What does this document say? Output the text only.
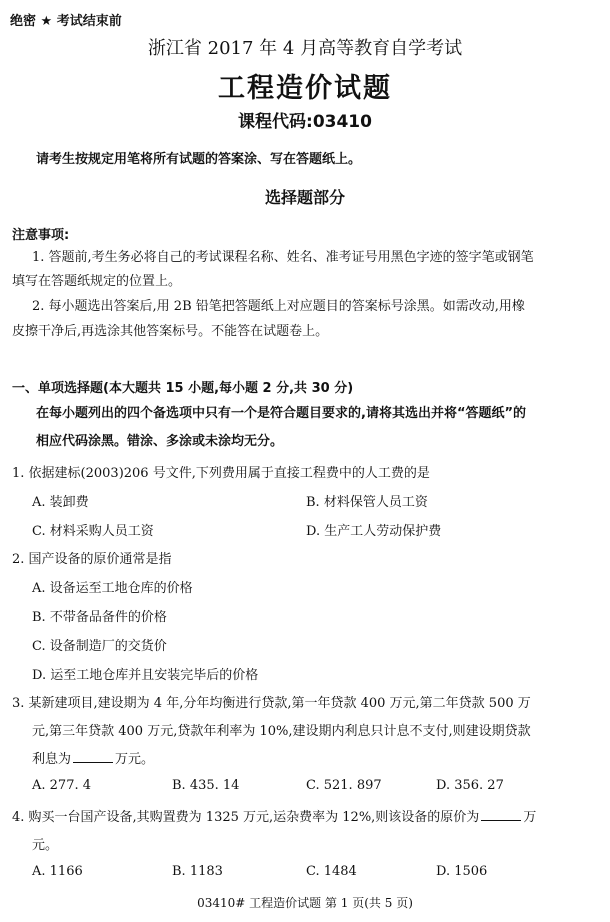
绝密 ★ 考试结束前
浙江省 2017 年 4 月高等教育自学考试
工程造价试题
课程代码:03410
请考生按规定用笔将所有试题的答案涂、写在答题纸上。
选择题部分
注意事项:
1. 答题前,考生务必将自己的考试课程名称、姓名、准考证号用黑色字迹的签字笔或钢笔
填写在答题纸规定的位置上。
2. 每小题选出答案后,用 2B 铅笔把答题纸上对应题目的答案标号涂黑。如需改动,用橡
皮擦干净后,再选涂其他答案标号。不能答在试题卷上。
一、单项选择题(本大题共 15 小题,每小题 2 分,共 30 分)
在每小题列出的四个备选项中只有一个是符合题目要求的,请将其选出并将“答题纸”的
相应代码涂黑。错涂、多涂或未涂均无分。
1. 依据建标(2003)206 号文件,下列费用属于直接工程费中的人工费的是
A. 装卸费	B. 材料保管人员工资
C. 材料采购人员工资	D. 生产工人劳动保护费
2. 国产设备的原价通常是指
A. 设备运至工地仓库的价格
B. 不带备品备件的价格
C. 设备制造厂的交货价
D. 运至工地仓库并且安装完毕后的价格
3. 某新建项目,建设期为 4 年,分年均衡进行贷款,第一年贷款 400 万元,第二年贷款 500 万
元,第三年贷款 400 万元,贷款年利率为 10%,建设期内利息只计息不支付,则建设期贷款
利息为	万元。
A. 277. 4	B. 435. 14	C. 521. 897	D. 356. 27
4. 购买一台国产设备,其购置费为 1325 万元,运杂费率为 12%,则该设备的原价为	万
元。
A. 1166	B. 1183	C. 1484	D. 1506
03410# 工程造价试题 第 1 页(共 5 页)
